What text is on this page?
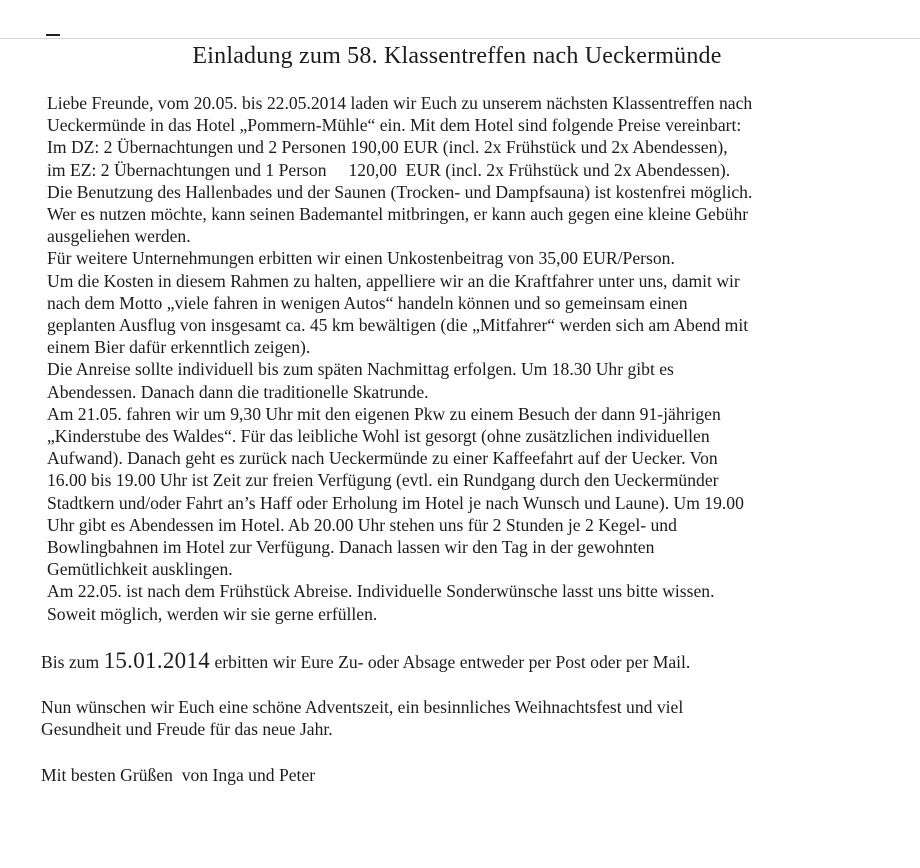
Einladung zum 58. Klassentreffen nach Ueckermünde
Liebe Freunde, vom 20.05. bis 22.05.2014 laden wir Euch zu unserem nächsten Klassentreffen nach
Ueckermünde in das Hotel „Pommern-Mühle“ ein. Mit dem Hotel sind folgende Preise vereinbart:
Im DZ: 2 Übernachtungen und 2 Personen 190,00 EUR (incl. 2x Frühstück und 2x Abendessen),
im EZ: 2 Übernachtungen und 1 Person     120,00  EUR (incl. 2x Frühstück und 2x Abendessen).
Die Benutzung des Hallenbades und der Saunen (Trocken- und Dampfsauna) ist kostenfrei möglich.
Wer es nutzen möchte, kann seinen Bademantel mitbringen, er kann auch gegen eine kleine Gebühr
ausgeliehen werden.
Für weitere Unternehmungen erbitten wir einen Unkostenbeitrag von 35,00 EUR/Person.
Um die Kosten in diesem Rahmen zu halten, appelliere wir an die Kraftfahrer unter uns, damit wir
nach dem Motto „viele fahren in wenigen Autos“ handeln können und so gemeinsam einen
geplanten Ausflug von insgesamt ca. 45 km bewältigen (die „Mitfahrer“ werden sich am Abend mit
einem Bier dafür erkenntlich zeigen).
Die Anreise sollte individuell bis zum späten Nachmittag erfolgen. Um 18.30 Uhr gibt es
Abendessen. Danach dann die traditionelle Skatrunde.
Am 21.05. fahren wir um 9,30 Uhr mit den eigenen Pkw zu einem Besuch der dann 91-jährigen
„Kinderstube des Waldes“. Für das leibliche Wohl ist gesorgt (ohne zusätzlichen individuellen
Aufwand). Danach geht es zurück nach Ueckermünde zu einer Kaffeefahrt auf der Uecker. Von
16.00 bis 19.00 Uhr ist Zeit zur freien Verfügung (evtl. ein Rundgang durch den Ueckermünder
Stadtkern und/oder Fahrt an’s Haff oder Erholung im Hotel je nach Wunsch und Laune). Um 19.00
Uhr gibt es Abendessen im Hotel. Ab 20.00 Uhr stehen uns für 2 Stunden je 2 Kegel- und
Bowlingbahnen im Hotel zur Verfügung. Danach lassen wir den Tag in der gewohnten
Gemütlichkeit ausklingen.
Am 22.05. ist nach dem Frühstück Abreise. Individuelle Sonderwünsche lasst uns bitte wissen.
Soweit möglich, werden wir sie gerne erfüllen.
Bis zum 15.01.2014 erbitten wir Eure Zu- oder Absage entweder per Post oder per Mail.
Nun wünschen wir Euch eine schöne Adventszeit, ein besinnliches Weihnachtsfest und viel
Gesundheit und Freude für das neue Jahr.
Mit besten Grüßen  von Inga und Peter
